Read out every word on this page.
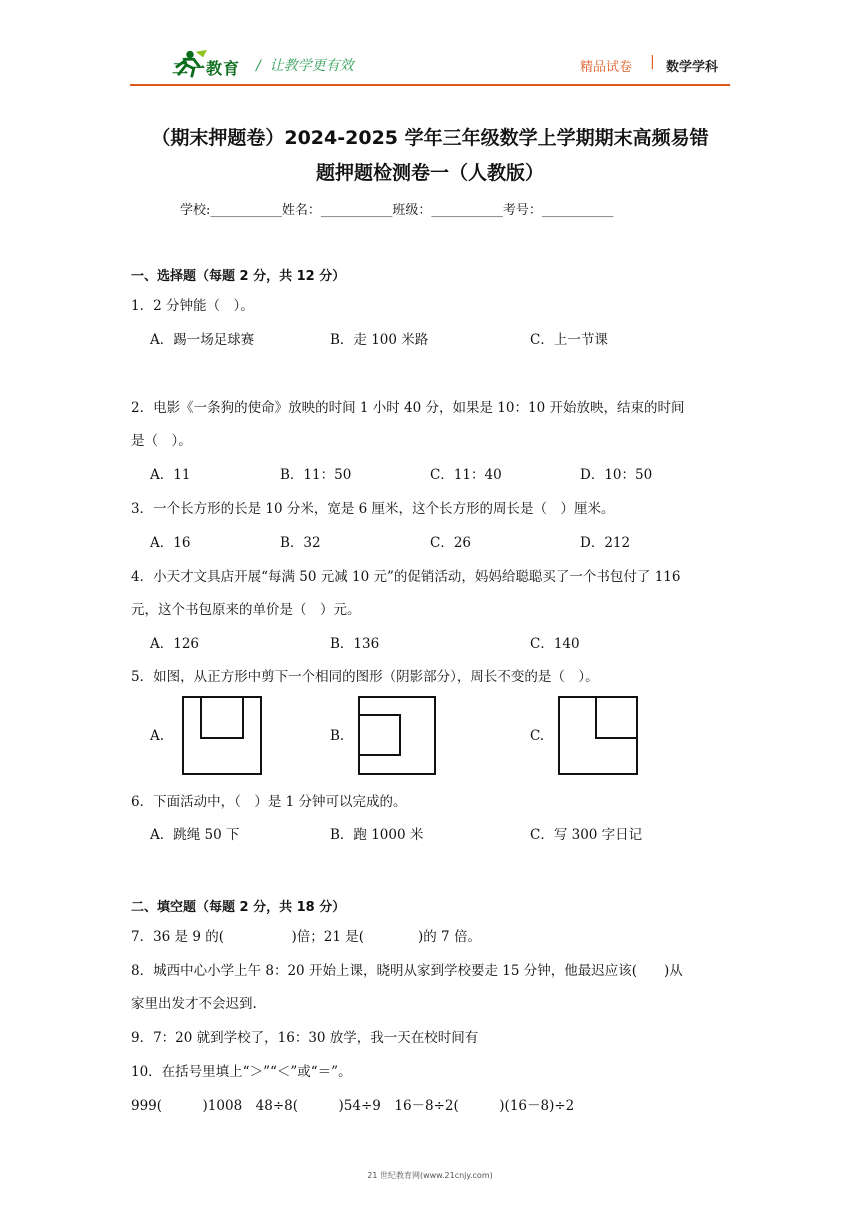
二一教育 /  让教学更有效	精品试卷 | 数学学科
（期末押题卷）2024-2025 学年三年级数学上学期期末高频易错
题押题检测卷一（人教版）
学校:___________姓名：___________班级：___________考号：___________
一、选择题（每题 2 分，共 12 分）
1．2 分钟能（　）。
A．踢一场足球赛	B．走 100 米路	C．上一节课
2．电影《一条狗的使命》放映的时间 1 小时 40 分，如果是 10：10 开始放映，结束的时间
是（　）。
A．11	B．11：50	C．11：40	D．10：50
3．一个长方形的长是 10 分米，宽是 6 厘米，这个长方形的周长是（　）厘米。
A．16	B．32	C．26	D．212
4．小天才文具店开展“每满 50 元减 10 元”的促销活动，妈妈给聪聪买了一个书包付了 116
元，这个书包原来的单价是（　）元。
A．126	B．136	C．140
5．如图，从正方形中剪下一个相同的图形（阴影部分），周长不变的是（　）。
A.	B.	C.
6．下面活动中，（　）是 1 分钟可以完成的。
A．跳绳 50 下	B．跑 1000 米	C．写 300 字日记
二、填空题（每题 2 分，共 18 分）
7．36 是 9 的(　　　　　)倍；21 是(　　　　)的 7 倍。
8．城西中心小学上午 8：20 开始上课，晓明从家到学校要走 15 分钟，他最迟应该(　　)从
家里出发才不会迟到.
9．7：20 就到学校了，16：30 放学，我一天在校时间有
10．在括号里填上“＞”“＜”或“＝”。
999(　　　)1008　48÷8(　　　)54÷9　16－8÷2(　　　)(16－8)÷2
21 世纪教育网(www.21cnjy.com)
